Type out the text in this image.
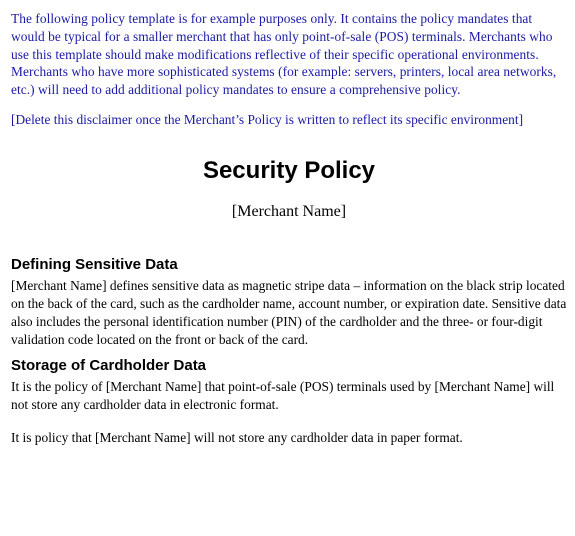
The following policy template is for example purposes only. It contains the policy mandates that would be typical for a smaller merchant that has only point-of-sale (POS) terminals. Merchants who use this template should make modifications reflective of their specific operational environments. Merchants who have more sophisticated systems (for example: servers, printers, local area networks, etc.) will need to add additional policy mandates to ensure a comprehensive policy.

[Delete this disclaimer once the Merchant’s Policy is written to reflect its specific environment]

Security Policy
[Merchant Name]
Defining Sensitive Data

[Merchant Name] defines sensitive data as magnetic stripe data – information on the black strip located on the back of the card, such as the cardholder name, account number, or expiration date. Sensitive data also includes the personal identification number (PIN) of the cardholder and the three- or four-digit validation code located on the front or back of the card.

Storage of Cardholder Data

It is the policy of [Merchant Name] that point-of-sale (POS) terminals used by [Merchant Name] will not store any cardholder data in electronic format.

It is policy that [Merchant Name] will not store any cardholder data in paper format.
